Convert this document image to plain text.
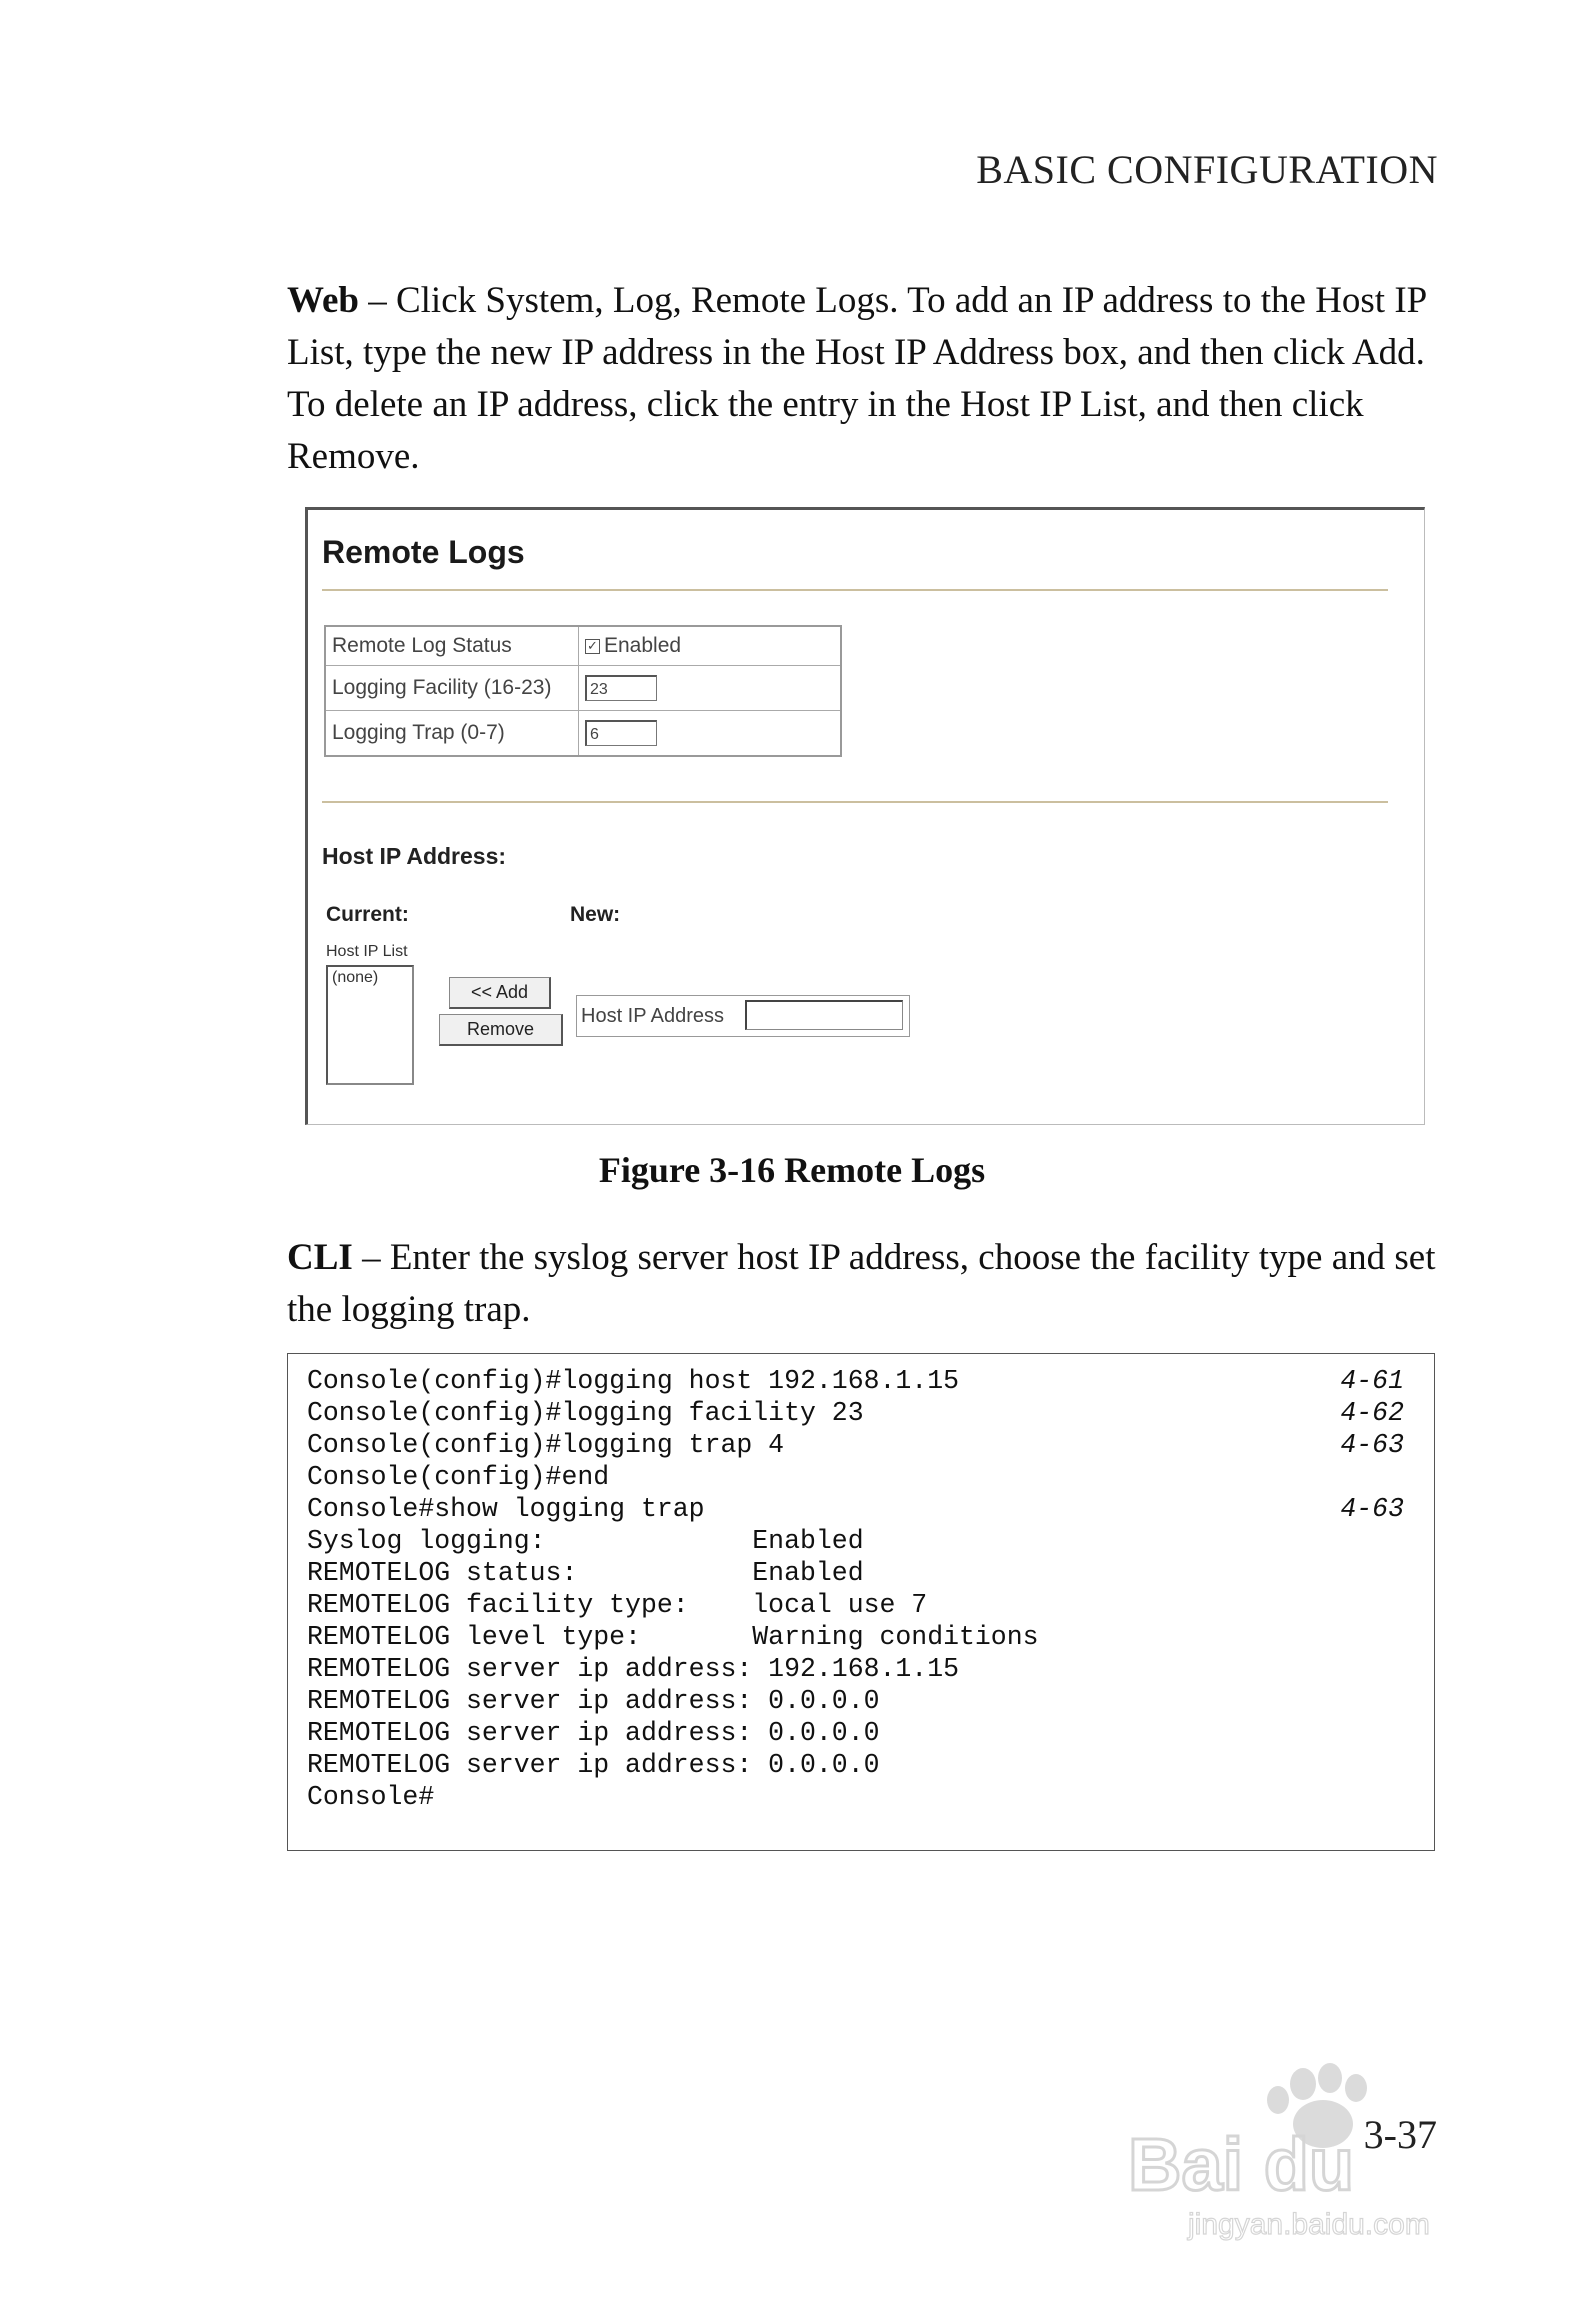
BASIC CONFIGURATION
Web – Click System, Log, Remote Logs. To add an IP address to the Host IP List, type the new IP address in the Host IP Address box, and then click Add. To delete an IP address, click the entry in the Host IP List, and then click Remove.
Remote Logs
Remote Log Status	✓ Enabled
Logging Facility (16-23)	23
Logging Trap (0-7)	6
Host IP Address:
Current:	New:
Host IP List
(none)
<< Add
Remove
Host IP Address
Figure 3-16 Remote Logs
CLI – Enter the syslog server host IP address, choose the facility type and set the logging trap.
Console(config)#logging host 192.168.1.15	4-61
Console(config)#logging facility 23	4-62
Console(config)#logging trap 4	4-63
Console(config)#end
Console#show logging trap	4-63
Syslog logging:             Enabled
REMOTELOG status:           Enabled
REMOTELOG facility type:    local use 7
REMOTELOG level type:       Warning conditions
REMOTELOG server ip address: 192.168.1.15
REMOTELOG server ip address: 0.0.0.0
REMOTELOG server ip address: 0.0.0.0
REMOTELOG server ip address: 0.0.0.0
Console#
3-37
Bai du
jingyan.baidu.com
